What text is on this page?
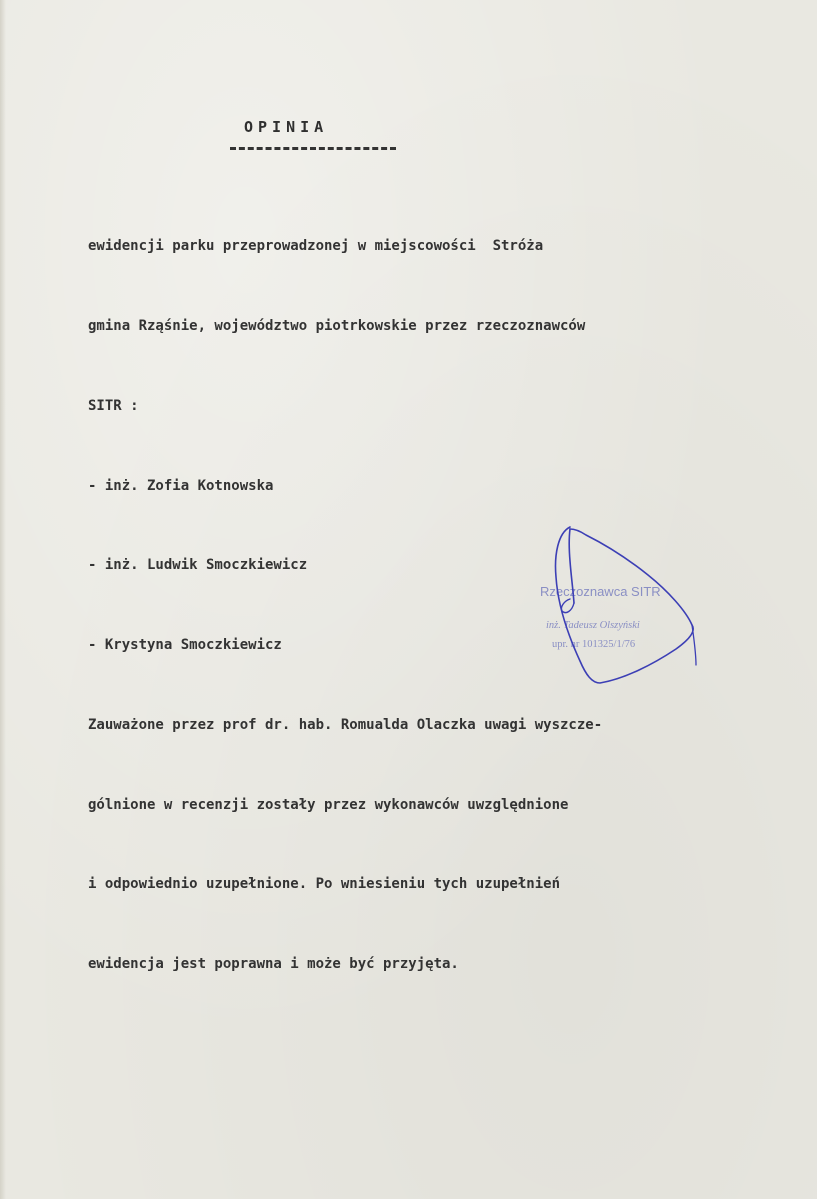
OPINIA

ewidencji parku przeprowadzonej w miejscowości  Stróża

gmina Rząśnie, województwo piotrkowskie przez rzeczoznawców

SITR :

- inż. Zofia Kotnowska

- inż. Ludwik Smoczkiewicz

- Krystyna Smoczkiewicz

Zauważone przez prof dr. hab. Romualda Olaczka uwagi wyszcze-

gólnione w recenzji zostały przez wykonawców uwzględnione

i odpowiednio uzupełnione. Po wniesieniu tych uzupełnień

ewidencja jest poprawna i może być przyjęta.

Rzeczoznawca SITR
inż. Tadeusz Olszyński
upr. nr 101325/1/76
